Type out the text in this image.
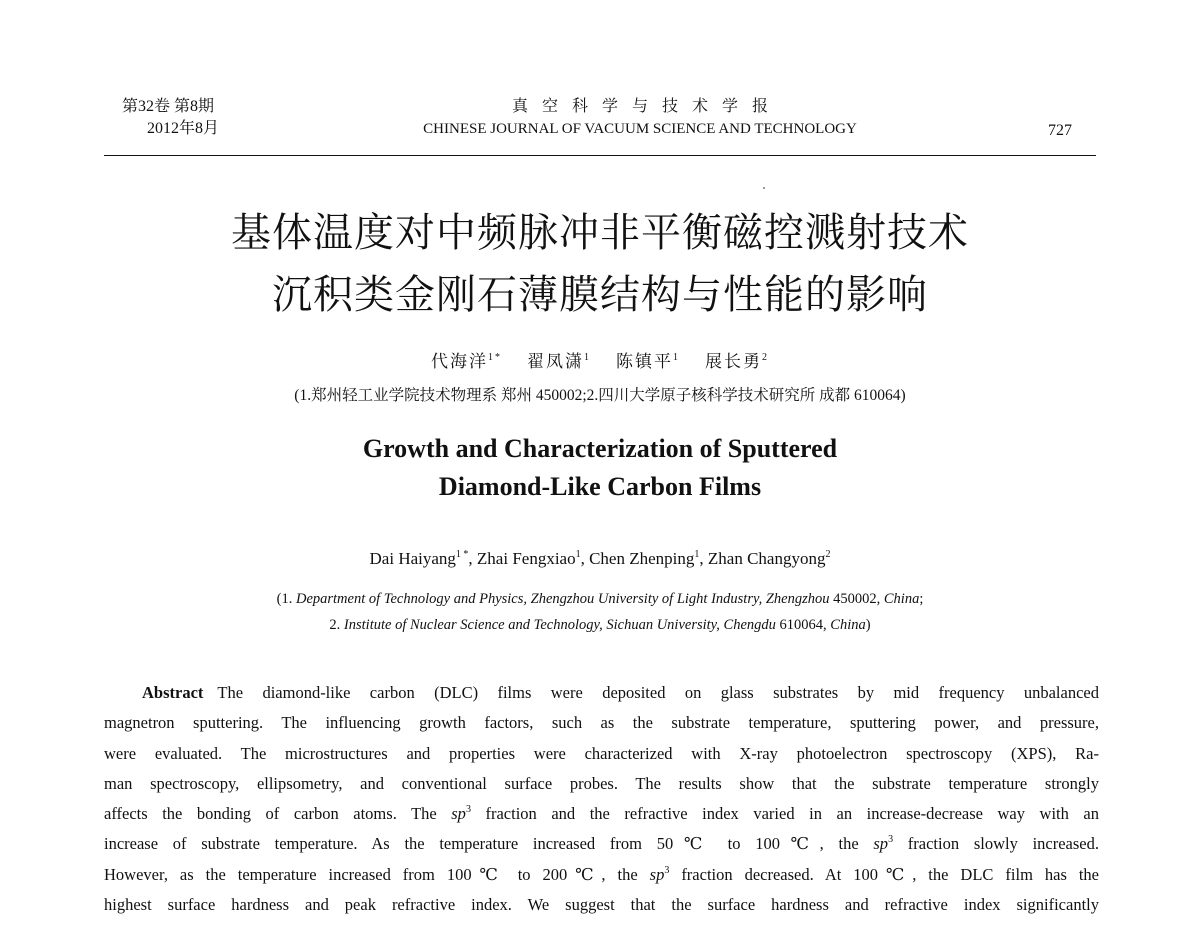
第32卷 第8期
2012年8月
真空科学与技术学报
CHINESE JOURNAL OF VACUUM SCIENCE AND TECHNOLOGY	727
基体温度对中频脉冲非平衡磁控溅射技术
沉积类金刚石薄膜结构与性能的影响
代海洋$^{1*}$ 翟凤潇$^1$ 陈镇平$^1$ 展长勇$^2$
(1.郑州轻工业学院技术物理系 郑州 450002;2.四川大学原子核科学技术研究所 成都 610064)
Growth and Characterization of Sputtered
Diamond-Like Carbon Films
Dai Haiyang$^{1 *}$, Zhai Fengxiao$^1$, Chen Zhenping$^1$, Zhan Changyong$^2$
(1. Department of Technology and Physics, Zhengzhou University of Light Industry, Zhengzhou 450002, China;
2. Institute of Nuclear Science and Technology, Sichuan University, Chengdu 610064, China)
Abstract The diamond-like carbon (DLC) films were deposited on glass substrates by mid frequency unbalanced
magnetron sputtering. The influencing growth factors, such as the substrate temperature, sputtering power, and pressure,
were evaluated. The microstructures and properties were characterized with X-ray photoelectron spectroscopy (XPS), Ra-
man spectroscopy, ellipsometry, and conventional surface probes. The results show that the substrate temperature strongly
affects the bonding of carbon atoms. The $sp^3$ fraction and the refractive index varied in an increase-decrease way with an
increase of substrate temperature. As the temperature increased from 50℃ to 100℃, the $sp^3$ fraction slowly increased.
However, as the temperature increased from 100℃ to 200℃, the $sp^3$ fraction decreased. At 100℃, the DLC film has the
highest surface hardness and peak refractive index. We suggest that the surface hardness and refractive index significantly
